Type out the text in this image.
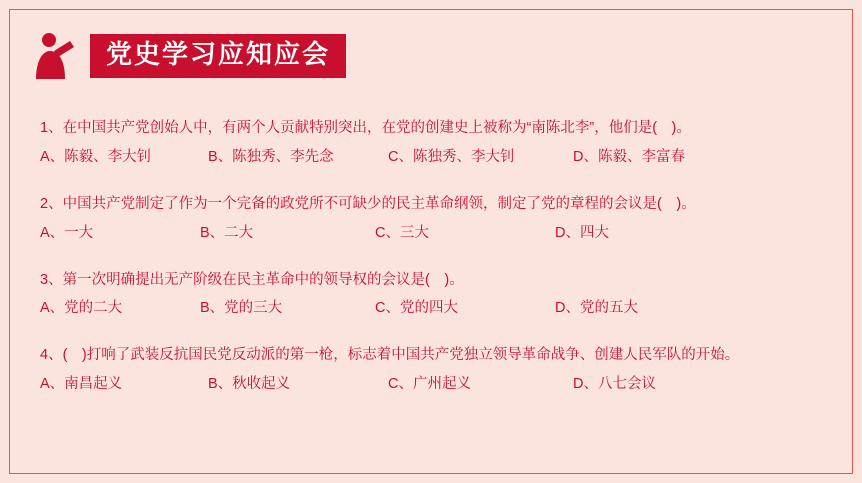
党史学习应知应会
1、在中国共产党创始人中，有两个人贡献特别突出，在党的创建史上被称为“南陈北李”，他们是(　)。
A、陈毅、李大钊	B、陈独秀、李先念	C、陈独秀、李大钊	D、陈毅、李富春
2、中国共产党制定了作为一个完备的政党所不可缺少的民主革命纲领，制定了党的章程的会议是(　)。
A、一大	B、二大	C、三大	D、四大
3、第一次明确提出无产阶级在民主革命中的领导权的会议是(　)。
A、党的二大	B、党的三大	C、党的四大	D、党的五大
4、(　)打响了武装反抗国民党反动派的第一枪，标志着中国共产党独立领导革命战争、创建人民军队的开始。
A、南昌起义	B、秋收起义	C、广州起义	D、八七会议
